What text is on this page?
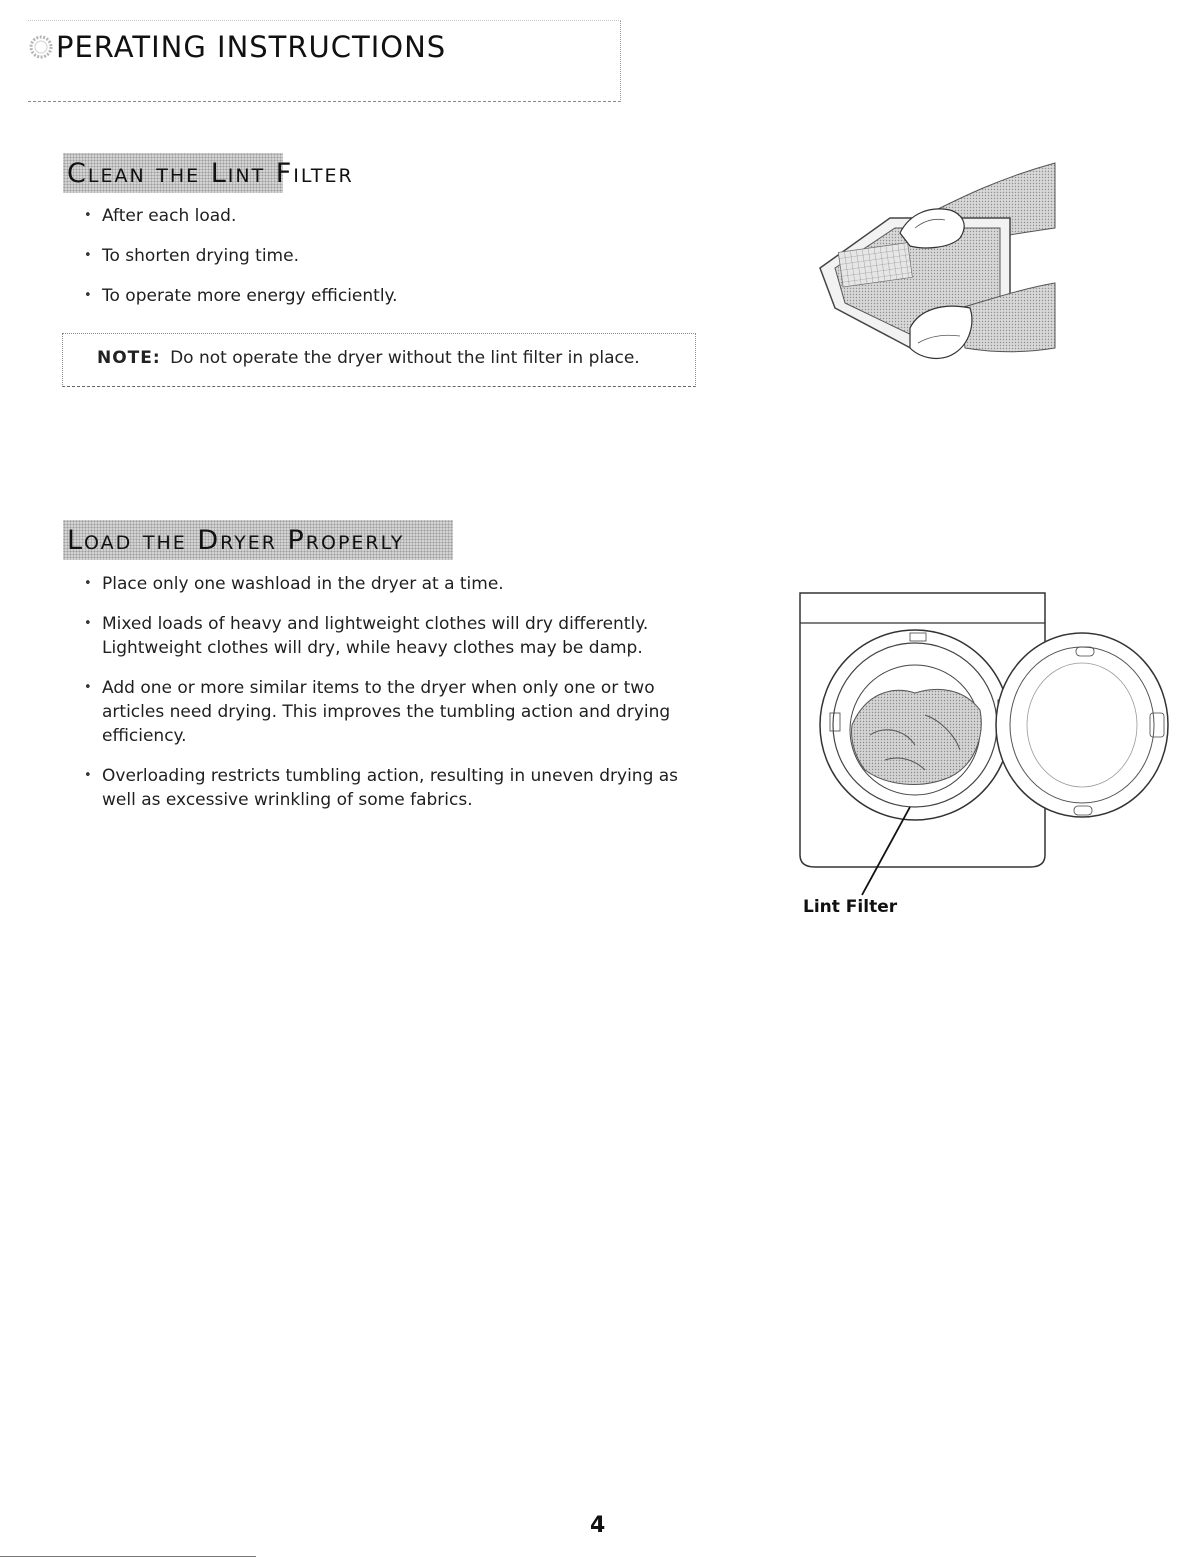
PERATING INSTRUCTIONS
Clean the Lint Filter
• After each load.
• To shorten drying time.
• To operate more energy efficiently.
NOTE: Do not operate the dryer without the lint filter in place.
Load the Dryer Properly
• Place only one washload in the dryer at a time.
• Mixed loads of heavy and lightweight clothes will dry differently. Lightweight clothes will dry, while heavy clothes may be damp.
• Add one or more similar items to the dryer when only one or two articles need drying. This improves the tumbling action and drying efficiency.
• Overloading restricts tumbling action, resulting in uneven drying as well as excessive wrinkling of some fabrics.

Lint Filter

4
